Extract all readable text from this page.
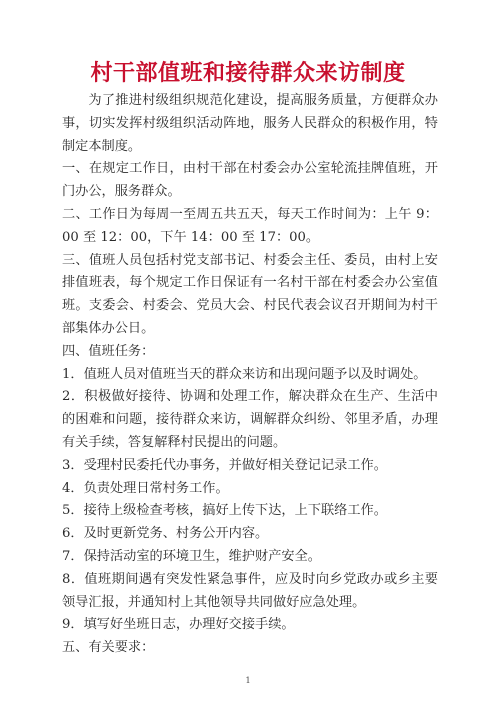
村干部值班和接待群众来访制度

为了推进村级组织规范化建设，提高服务质量，方便群众办事，切实发挥村级组织活动阵地，服务人民群众的积极作用，特制定本制度。

一、在规定工作日，由村干部在村委会办公室轮流挂牌值班，开门办公，服务群众。

二、工作日为每周一至周五共五天，每天工作时间为：上午 9：00 至 12：00，下午 14：00 至 17：00。

三、值班人员包括村党支部书记、村委会主任、委员，由村上安排值班表，每个规定工作日保证有一名村干部在村委会办公室值班。支委会、村委会、党员大会、村民代表会议召开期间为村干部集体办公日。

四、值班任务：

1．值班人员对值班当天的群众来访和出现问题予以及时调处。

2．积极做好接待、协调和处理工作，解决群众在生产、生活中的困难和问题，接待群众来访，调解群众纠纷、邻里矛盾，办理有关手续，答复解释村民提出的问题。

3．受理村民委托代办事务，并做好相关登记记录工作。

4．负责处理日常村务工作。

5．接待上级检查考核，搞好上传下达，上下联络工作。

6．及时更新党务、村务公开内容。

7．保持活动室的环境卫生，维护财产安全。

8．值班期间遇有突发性紧急事件，应及时向乡党政办或乡主要领导汇报，并通知村上其他领导共同做好应急处理。

9．填写好坐班日志，办理好交接手续。

五、有关要求：

1
